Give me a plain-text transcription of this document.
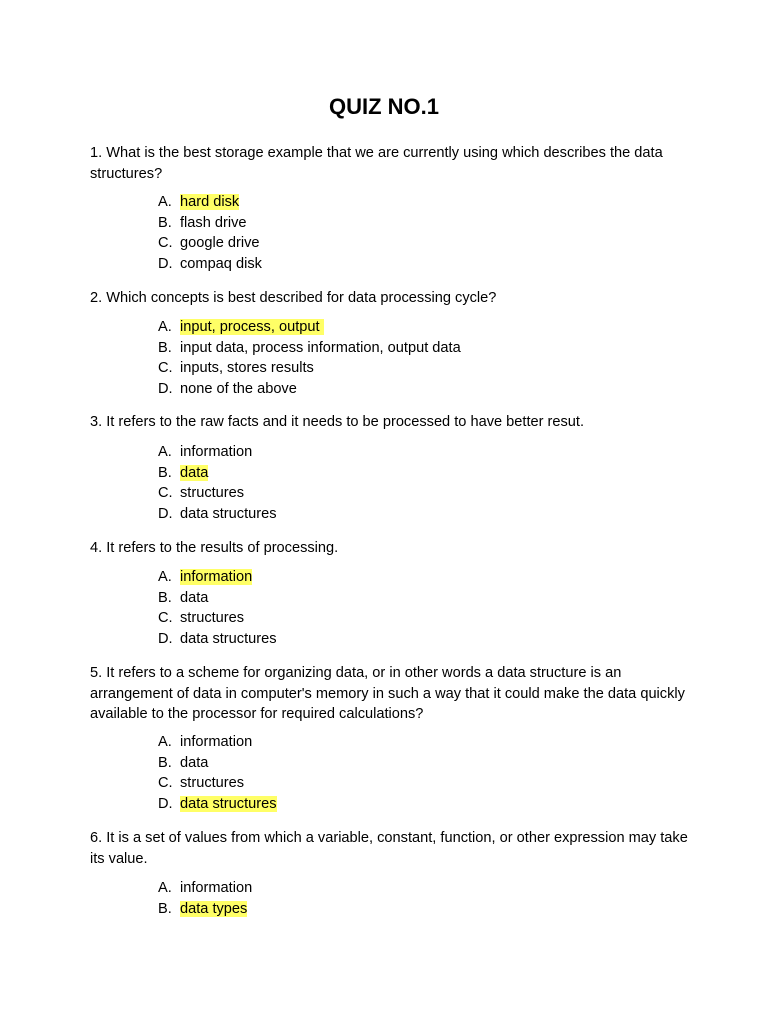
QUIZ NO.1
1. What is the best storage example that we are currently using which describes the data structures?
A. hard disk
B. flash drive
C. google drive
D. compaq disk
2. Which concepts is best described for data processing cycle?
A. input, process, output
B. input data, process information, output data
C. inputs, stores results
D. none of the above
3. It refers to the raw facts and it needs to be processed to have better resut.
A. information
B. data
C. structures
D. data structures
4. It refers to the results of processing.
A. information
B. data
C. structures
D. data structures
5. It refers to a scheme for organizing data, or in other words a data structure is an arrangement of data in computer's memory in such a way that it could make the data quickly available to the processor for required calculations?
A. information
B. data
C. structures
D. data structures
6. It is a set of values from which a variable, constant, function, or other expression may take its value.
A. information
B. data types
